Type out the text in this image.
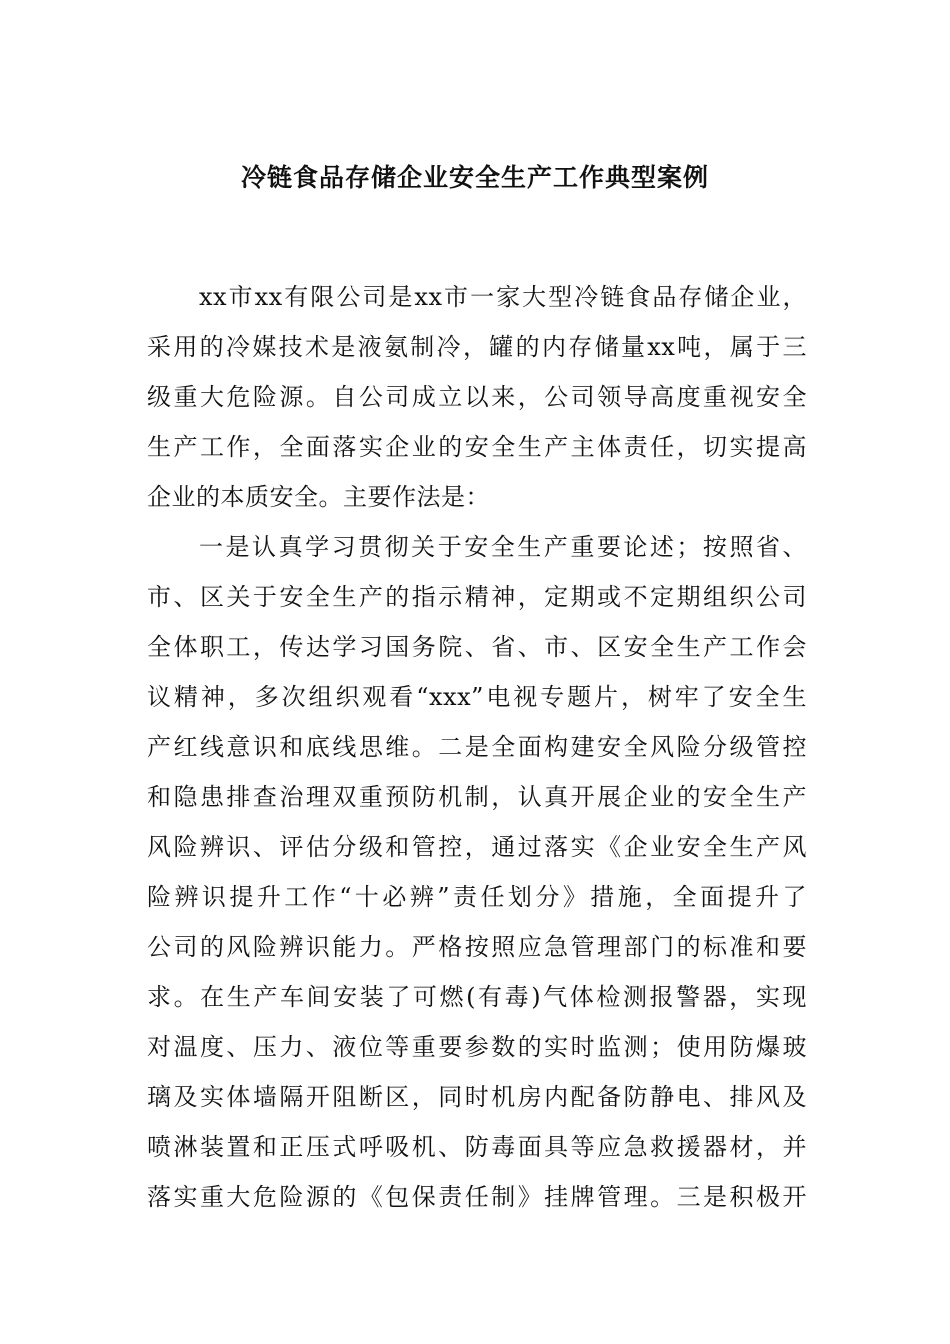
冷链食品存储企业安全生产工作典型案例
xx市xx有限公司是xx市一家大型冷链食品存储企业，
采用的冷媒技术是液氨制冷，罐的内存储量xx吨，属于三
级重大危险源。自公司成立以来，公司领导高度重视安全
生产工作，全面落实企业的安全生产主体责任，切实提高
企业的本质安全。主要作法是：
一是认真学习贯彻关于安全生产重要论述；按照省、
市、区关于安全生产的指示精神，定期或不定期组织公司
全体职工，传达学习国务院、省、市、区安全生产工作会
议精神，多次组织观看“xxx”电视专题片，树牢了安全生
产红线意识和底线思维。二是全面构建安全风险分级管控
和隐患排查治理双重预防机制，认真开展企业的安全生产
风险辨识、评估分级和管控，通过落实《企业安全生产风
险辨识提升工作“十必辨”责任划分》措施，全面提升了
公司的风险辨识能力。严格按照应急管理部门的标准和要
求。在生产车间安装了可燃(有毒)气体检测报警器，实现
对温度、压力、液位等重要参数的实时监测；使用防爆玻
璃及实体墙隔开阻断区，同时机房内配备防静电、排风及
喷淋装置和正压式呼吸机、防毒面具等应急救援器材，并
落实重大危险源的《包保责任制》挂牌管理。三是积极开
